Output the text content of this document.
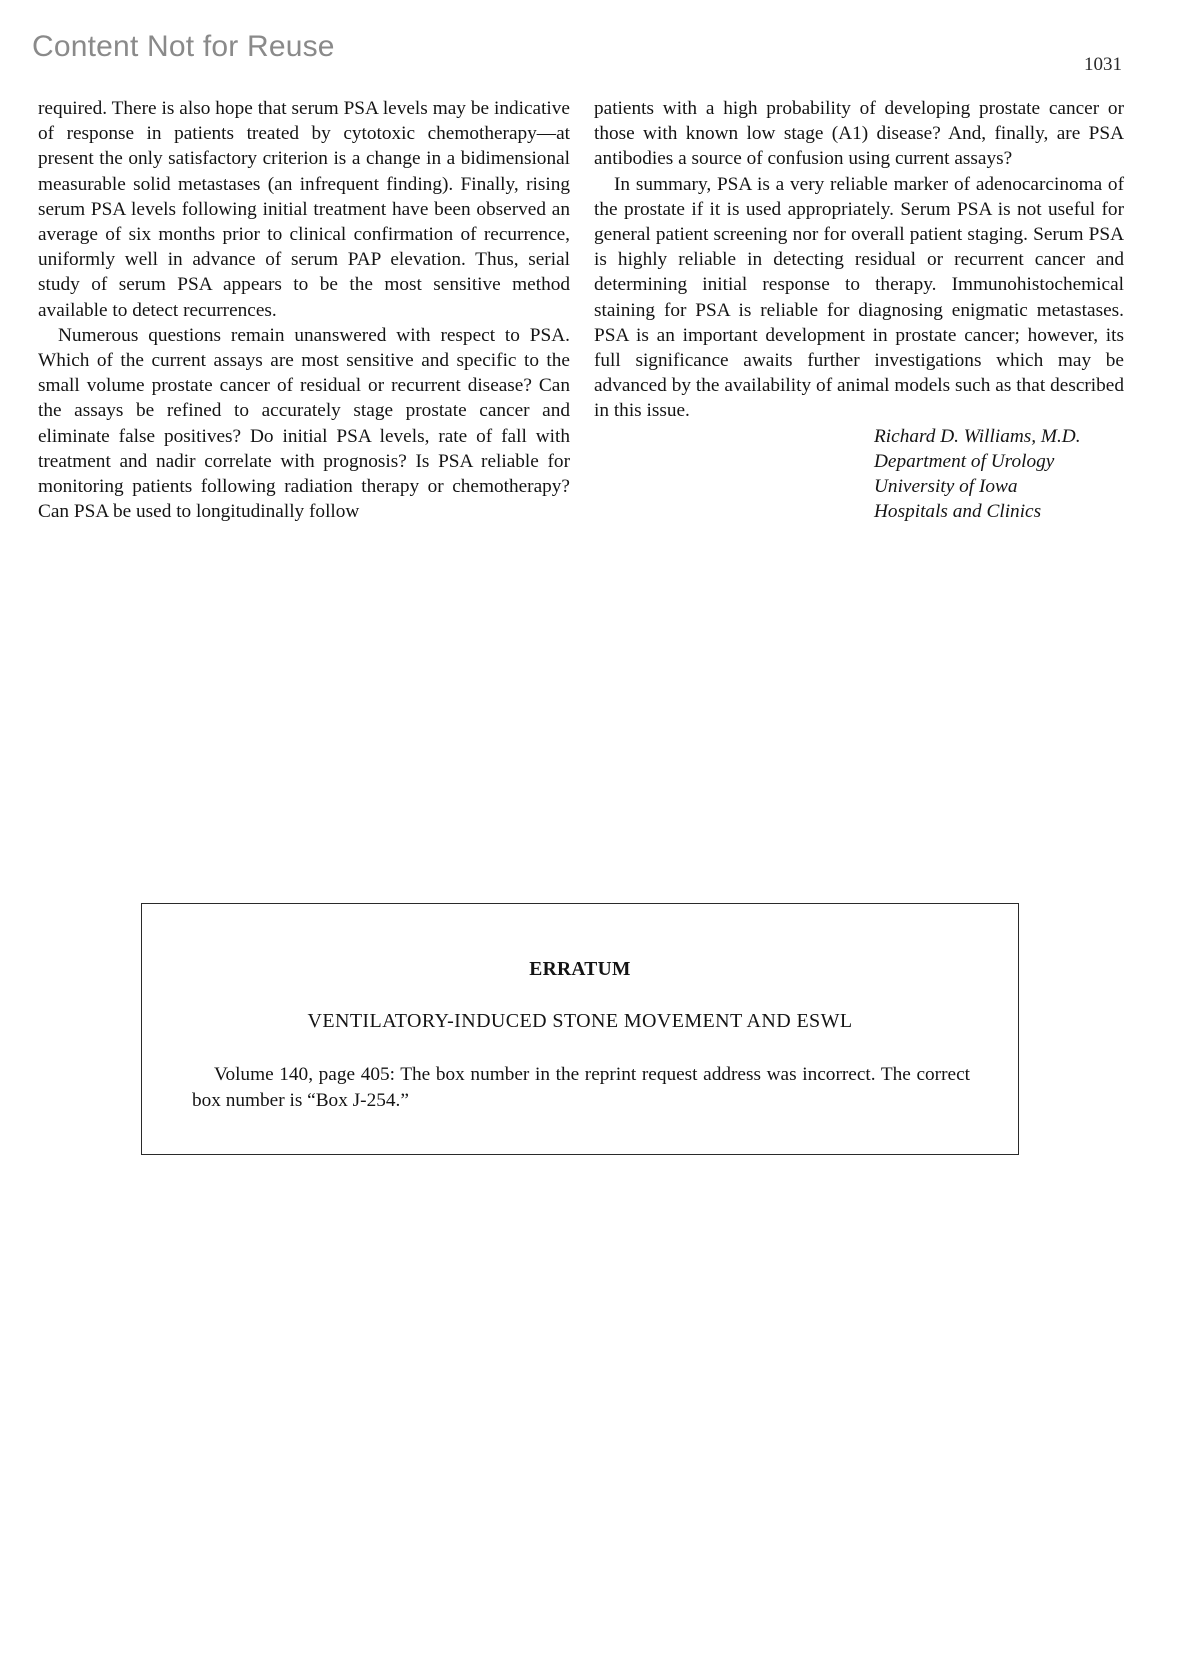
Content Not for Reuse
1031

required. There is also hope that serum PSA levels may be indicative of response in patients treated by cytotoxic chemotherapy—at present the only satisfactory criterion is a change in a bidimensional measurable solid metastases (an infrequent finding). Finally, rising serum PSA levels following initial treatment have been observed an average of six months prior to clinical confirmation of recurrence, uniformly well in advance of serum PAP elevation. Thus, serial study of serum PSA appears to be the most sensitive method available to detect recurrences.

Numerous questions remain unanswered with respect to PSA. Which of the current assays are most sensitive and specific to the small volume prostate cancer of residual or recurrent disease? Can the assays be refined to accurately stage prostate cancer and eliminate false positives? Do initial PSA levels, rate of fall with treatment and nadir correlate with prognosis? Is PSA reliable for monitoring patients following radiation therapy or chemotherapy? Can PSA be used to longitudinally follow

patients with a high probability of developing prostate cancer or those with known low stage (A1) disease? And, finally, are PSA antibodies a source of confusion using current assays?

In summary, PSA is a very reliable marker of adenocarcinoma of the prostate if it is used appropriately. Serum PSA is not useful for general patient screening nor for overall patient staging. Serum PSA is highly reliable in detecting residual or recurrent cancer and determining initial response to therapy. Immunohistochemical staining for PSA is reliable for diagnosing enigmatic metastases. PSA is an important development in prostate cancer; however, its full significance awaits further investigations which may be advanced by the availability of animal models such as that described in this issue.

Richard D. Williams, M.D.
Department of Urology
University of Iowa
Hospitals and Clinics
ERRATUM
VENTILATORY-INDUCED STONE MOVEMENT AND ESWL
Volume 140, page 405: The box number in the reprint request address was incorrect. The correct box number is “Box J-254.”
